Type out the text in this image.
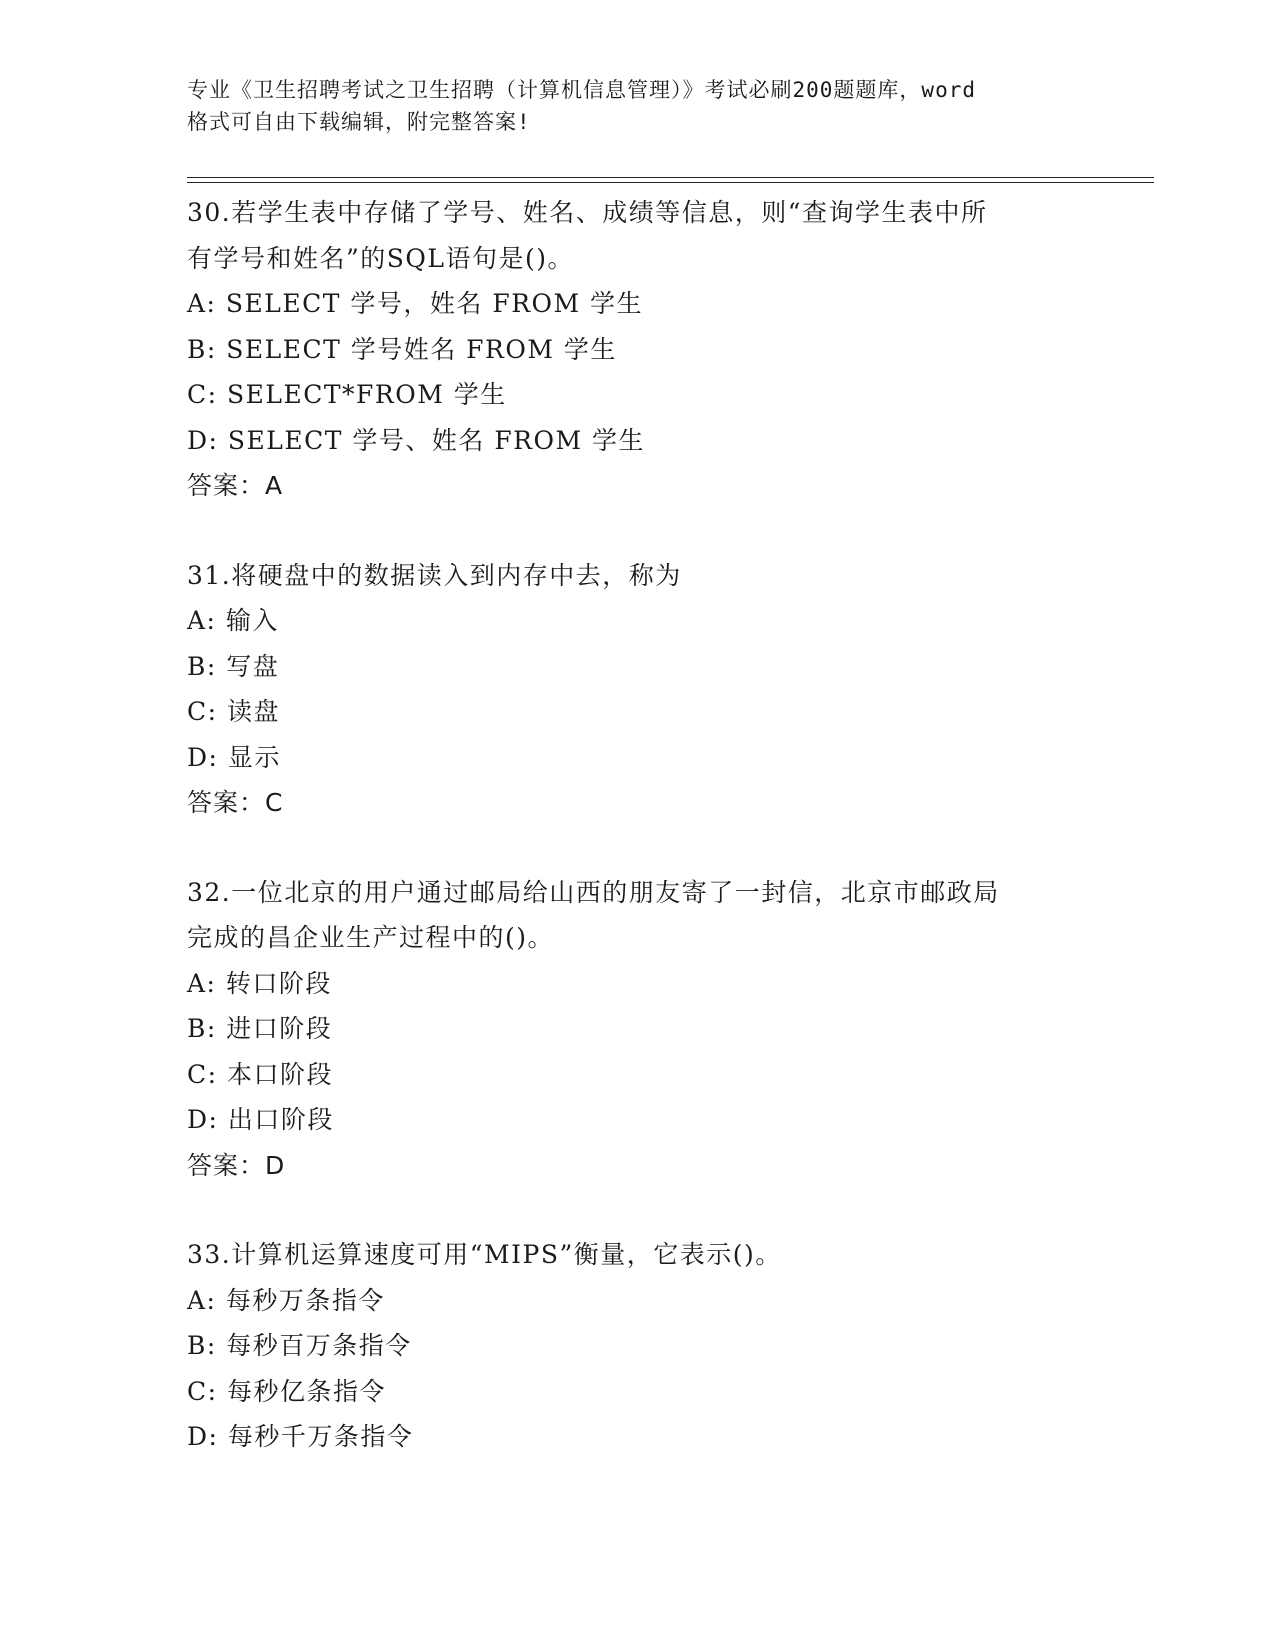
专业《卫生招聘考试之卫生招聘（计算机信息管理）》考试必刷200题题库，word
格式可自由下载编辑，附完整答案!
30.若学生表中存储了学号、姓名、成绩等信息，则“查询学生表中所
有学号和姓名”的SQL语句是()。
A: SELECT 学号，姓名 FROM 学生
B: SELECT 学号姓名 FROM 学生
C: SELECT*FROM 学生
D: SELECT 学号、姓名 FROM 学生
答案：A
31.将硬盘中的数据读入到内存中去，称为
A: 输入
B: 写盘
C: 读盘
D: 显示
答案：C
32.一位北京的用户通过邮局给山西的朋友寄了一封信，北京市邮政局
完成的昌企业生产过程中的()。
A: 转口阶段
B: 进口阶段
C: 本口阶段
D: 出口阶段
答案：D
33.计算机运算速度可用“MIPS”衡量，它表示()。
A: 每秒万条指令
B: 每秒百万条指令
C: 每秒亿条指令
D: 每秒千万条指令
